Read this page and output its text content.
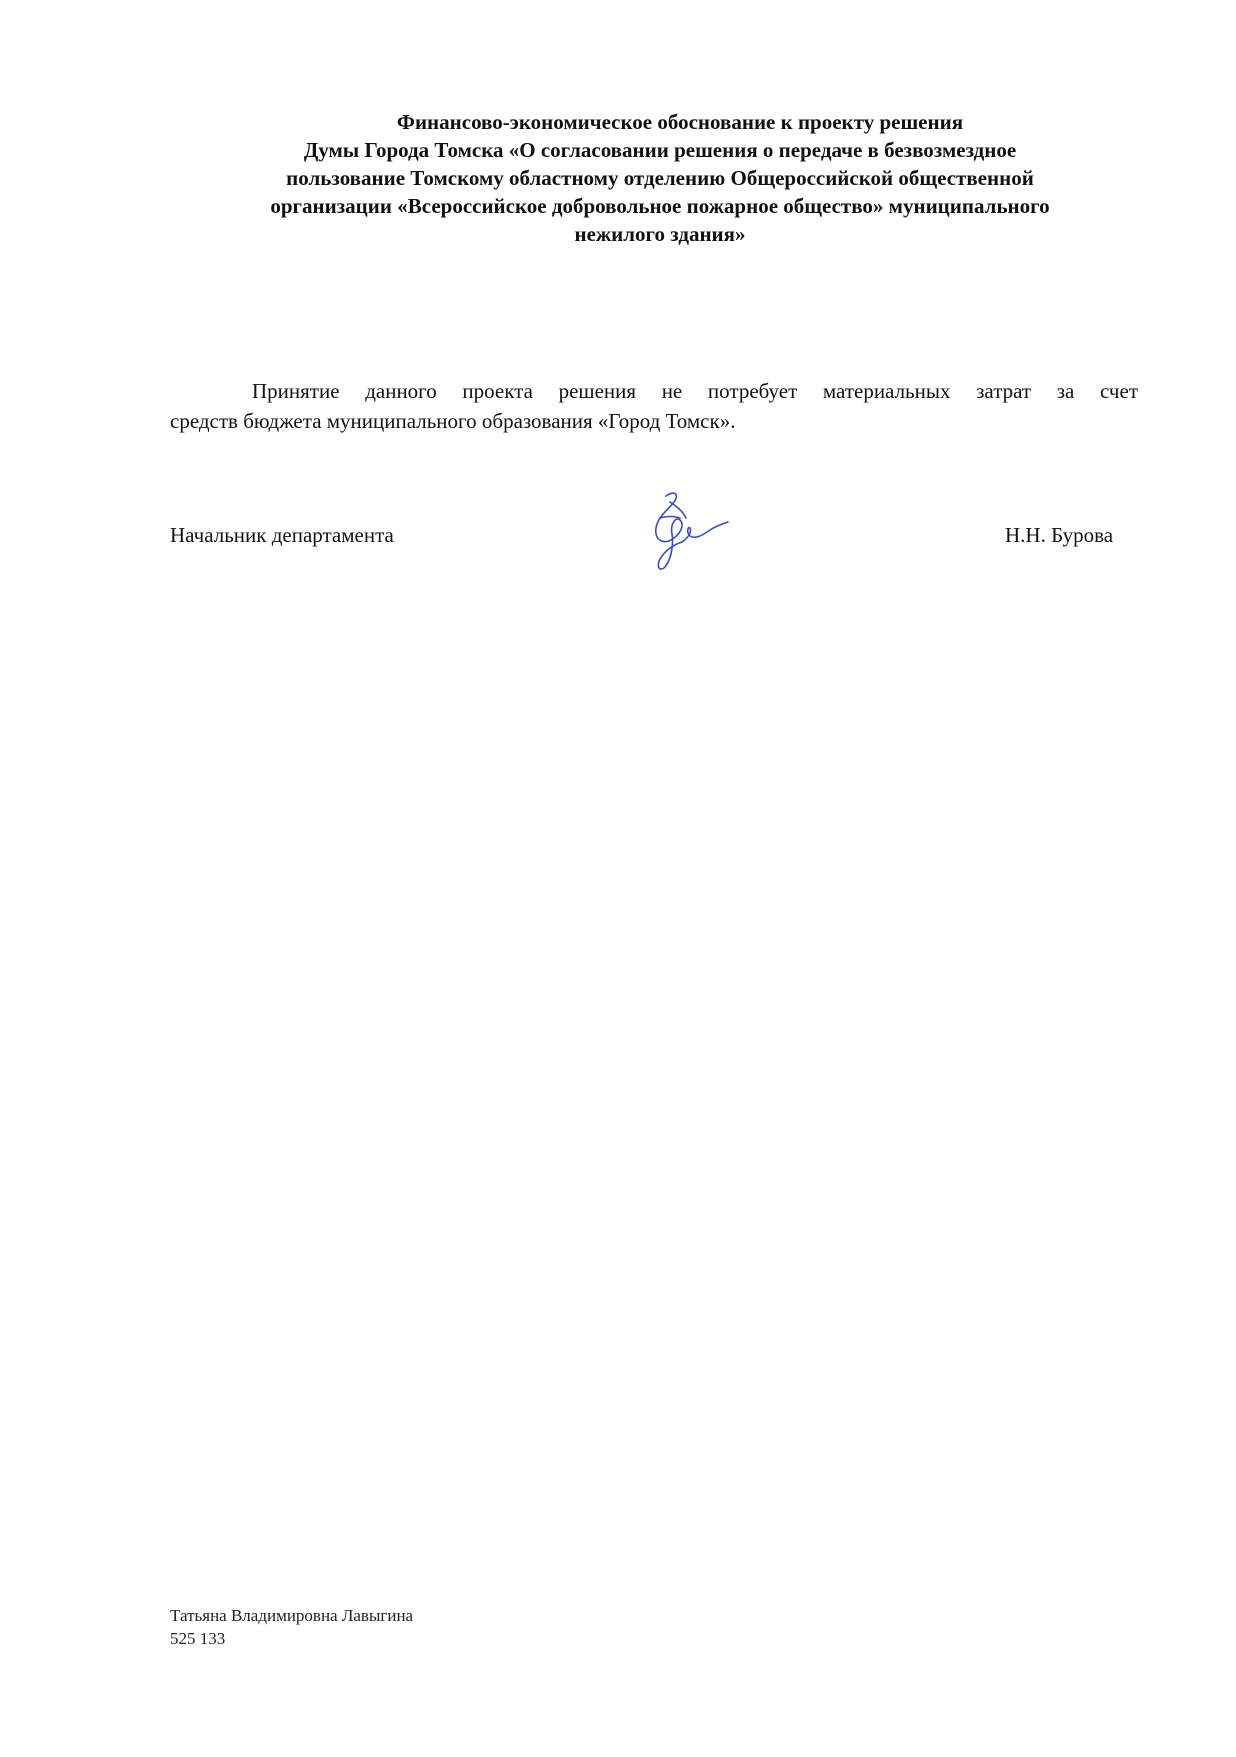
Финансово-экономическое обоснование к проекту решения
Думы Города Томска «О согласовании решения о передаче в безвозмездное
пользование Томскому областному отделению Общероссийской общественной
организации «Всероссийское добровольное пожарное общество» муниципального
нежилого здания»
Принятие данного проекта решения не потребует материальных затрат за счет
средств бюджета муниципального образования «Город Томск».
Начальник департамента	Н.Н. Бурова
Татьяна Владимировна Лавыгина
525 133
